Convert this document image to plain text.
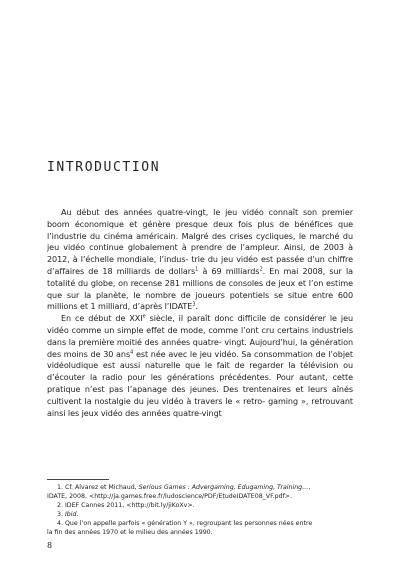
INTRODUCTION

Au début des années quatre-vingt, le jeu vidéo connaît son premier boom économique et génère presque deux fois plus de bénéfices que l’industrie du cinéma américain. Malgré des crises cycliques, le marché du jeu vidéo continue globalement à prendre de l’ampleur. Ainsi, de 2003 à 2012, à l’échelle mondiale, l’indus- trie du jeu vidéo est passée d’un chiffre d’affaires de 18 milliards de dollars$^1$ à 69 milliards$^2$. En mai 2008, sur la totalité du globe, on recense 281 millions de consoles de jeux et l’on estime que sur la planète, le nombre de joueurs potentiels se situe entre 600 millions et 1 milliard, d’après l’IDATE$^3$.

En ce début de XXIe siècle, il paraît donc difficile de considérer le jeu vidéo comme un simple effet de mode, comme l’ont cru certains industriels dans la première moitié des années quatre- vingt. Aujourd’hui, la génération des moins de 30 ans$^4$ est née avec le jeu vidéo. Sa consommation de l’objet vidéoludique est aussi naturelle que le fait de regarder la télévision ou d’écouter la radio pour les générations précédentes. Pour autant, cette pratique n’est pas l’apanage des jeunes. Des trentenaires et leurs aînés cultivent la nostalgie du jeu vidéo à travers le « retro- gaming », retrouvant ainsi les jeux vidéo des années quatre-vingt

1. Cf. Alvarez et Michaud, Serious Games : Advergaming, Edugaming, Training…,
IDATE, 2008, <http://ja.games.free.fr/ludoscience/PDF/EtudeIDATE08_VF.pdf>.
2. IDEF Cannes 2011, <http://bit.ly/jiKoXv>.
3. Ibid.
4. Que l’on appelle parfois « génération Y », regroupant les personnes nées entre
la fin des années 1970 et le milieu des années 1990.
8
